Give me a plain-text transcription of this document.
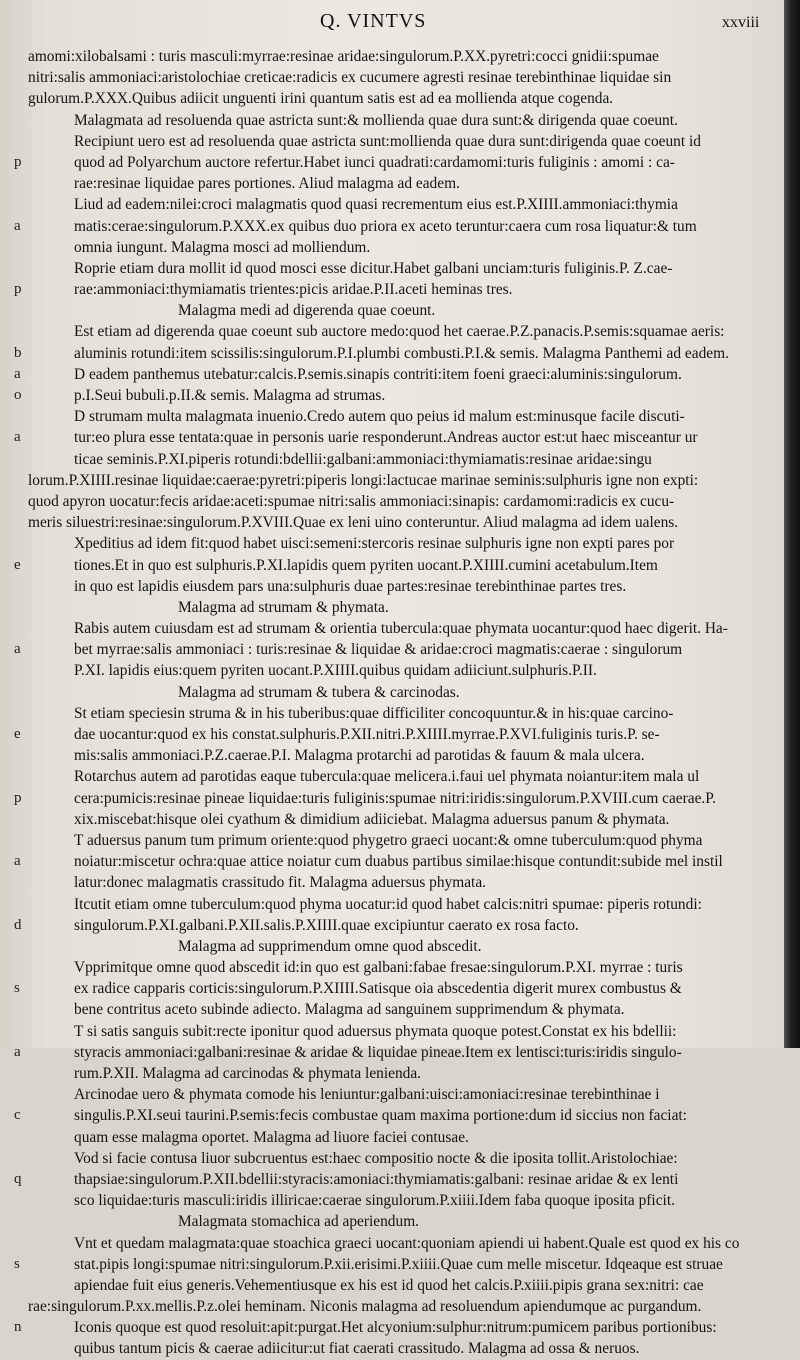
Q. VINTVS	xxviii
amomi:xilobalsami : turis masculi:myrrae:resinae aridae:singulorum.P.XX.pyretri:cocci gnidii:spumae
nitri:salis ammoniaci:aristolochiae creticae:radicis ex cucumere agresti resinae terebinthinae liquidae sin
gulorum.P.XXX.Quibus adiicit unguenti irini quantum satis est ad ea mollienda atque cogenda.
Malagmata ad resoluenda quae astricta sunt:& mollienda quae dura sunt:& dirigenda quae coeunt.
Recipiunt uero est ad resoluenda quae astricta sunt:mollienda quae dura sunt:dirigenda quae coeunt id
p	quod ad Polyarchum auctore refertur.Habet iunci quadrati:cardamomi:turis fuliginis : amomi : ca-
rae:resinae liquidae pares portiones. Aliud malagma ad eadem.
Liud ad eadem:nilei:croci malagmatis quod quasi recrementum eius est.P.XIIII.ammoniaci:thymia
a	matis:cerae:singulorum.P.XXX.ex quibus duo priora ex aceto teruntur:caera cum rosa liquatur:& tum
omnia iungunt. Malagma mosci ad molliendum.
Roprie etiam dura mollit id quod mosci esse dicitur.Habet galbani unciam:turis fuliginis.P. Z.cae-
p	rae:ammoniaci:thymiamatis trientes:picis aridae.P.II.aceti heminas tres.
Malagma medi ad digerenda quae coeunt.
Est etiam ad digerenda quae coeunt sub auctore medo:quod het caerae.P.Z.panacis.P.semis:squamae aeris:
b	aluminis rotundi:item scissilis:singulorum.P.I.plumbi combusti.P.I.& semis. Malagma Panthemi ad eadem.
a	D eadem panthemus utebatur:calcis.P.semis.sinapis contriti:item foeni graeci:aluminis:singulorum.
o	p.I.Seui bubuli.p.II.& semis. Malagma ad strumas.
D strumam multa malagmata inuenio.Credo autem quo peius id malum est:minusque facile discuti-
a	tur:eo plura esse tentata:quae in personis uarie responderunt.Andreas auctor est:ut haec misceantur ur
ticae seminis.P.XI.piperis rotundi:bdellii:galbani:ammoniaci:thymiamatis:resinae aridae:singu
lorum.P.XIIII.resinae liquidae:caerae:pyretri:piperis longi:lactucae marinae seminis:sulphuris igne non expti:
quod apyron uocatur:fecis aridae:aceti:spumae nitri:salis ammoniaci:sinapis: cardamomi:radicis ex cucu-
meris siluestri:resinae:singulorum.P.XVIII.Quae ex leni uino conteruntur. Aliud malagma ad idem ualens.
Xpeditius ad idem fit:quod habet uisci:semeni:stercoris resinae sulphuris igne non expti pares por
e	tiones.Et in quo est sulphuris.P.XI.lapidis quem pyriten uocant.P.XIIII.cumini acetabulum.Item
in quo est lapidis eiusdem pars una:sulphuris duae partes:resinae terebinthinae partes tres.
Malagma ad strumam & phymata.
Rabis autem cuiusdam est ad strumam & orientia tubercula:quae phymata uocantur:quod haec digerit. Ha-
a	bet myrrae:salis ammoniaci : turis:resinae & liquidae & aridae:croci magmatis:caerae : singulorum
P.XI. lapidis eius:quem pyriten uocant.P.XIIII.quibus quidam adiiciunt.sulphuris.P.II.
Malagma ad strumam & tubera & carcinodas.
St etiam speciesin struma & in his tuberibus:quae difficiliter concoquuntur.& in his:quae carcino-
e	dae uocantur:quod ex his constat.sulphuris.P.XII.nitri.P.XIIII.myrrae.P.XVI.fuliginis turis.P. se-
mis:salis ammoniaci.P.Z.caerae.P.I. Malagma protarchi ad parotidas & fauum & mala ulcera.
Rotarchus autem ad parotidas eaque tubercula:quae melicera.i.faui uel phymata noiantur:item mala ul
p	cera:pumicis:resinae pineae liquidae:turis fuliginis:spumae nitri:iridis:singulorum.P.XVIII.cum caerae.P.
xix.miscebat:hisque olei cyathum & dimidium adiiciebat. Malagma aduersus panum & phymata.
T aduersus panum tum primum oriente:quod phygetro graeci uocant:& omne tuberculum:quod phyma
a	noiatur:miscetur ochra:quae attice noiatur cum duabus partibus similae:hisque contundit:subide mel instil
latur:donec malagmatis crassitudo fit. Malagma aduersus phymata.
Itcutit etiam omne tuberculum:quod phyma uocatur:id quod habet calcis:nitri spumae: piperis rotundi:
d	singulorum.P.XI.galbani.P.XII.salis.P.XIIII.quae excipiuntur caerato ex rosa facto.
Malagma ad supprimendum omne quod abscedit.
Vpprimitque omne quod abscedit id:in quo est galbani:fabae fresae:singulorum.P.XI. myrrae : turis
s	ex radice capparis corticis:singulorum.P.XIIII.Satisque oia abscedentia digerit murex combustus &
bene contritus aceto subinde adiecto. Malagma ad sanguinem supprimendum & phymata.
T si satis sanguis subit:recte iponitur quod aduersus phymata quoque potest.Constat ex his bdellii:
a	styracis ammoniaci:galbani:resinae & aridae & liquidae pineae.Item ex lentisci:turis:iridis singulo-
rum.P.XII. Malagma ad carcinodas & phymata lenienda.
Arcinodae uero & phymata comode his leniuntur:galbani:uisci:amoniaci:resinae terebinthinae i
c	singulis.P.XI.seui taurini.P.semis:fecis combustae quam maxima portione:dum id siccius non faciat:
quam esse malagma oportet. Malagma ad liuore faciei contusae.
Vod si facie contusa liuor subcruentus est:haec compositio nocte & die iposita tollit.Aristolochiae:
q	thapsiae:singulorum.P.XII.bdellii:styracis:amoniaci:thymiamatis:galbani: resinae aridae & ex lenti
sco liquidae:turis masculi:iridis illiricae:caerae singulorum.P.xiiii.Idem faba quoque iposita pficit.
Malagmata stomachica ad aperiendum.
Vnt et quedam malagmata:quae stoachica graeci uocant:quoniam apiendi ui habent.Quale est quod ex his co
s	stat.pipis longi:spumae nitri:singulorum.P.xii.erisimi.P.xiiii.Quae cum melle miscetur. Idqeaque est struae
apiendae fuit eius generis.Vehementiusque ex his est id quod het calcis.P.xiiii.pipis grana sex:nitri: cae
rae:singulorum.P.xx.mellis.P.z.olei heminam. Niconis malagma ad resoluendum apiendumque ac purgandum.
n	Iconis quoque est quod resoluit:apit:purgat.Het alcyonium:sulphur:nitrum:pumicem paribus portionibus:
quibus tantum picis & caerae adiicitur:ut fiat caerati crassitudo. Malagma ad ossa & neruos.
